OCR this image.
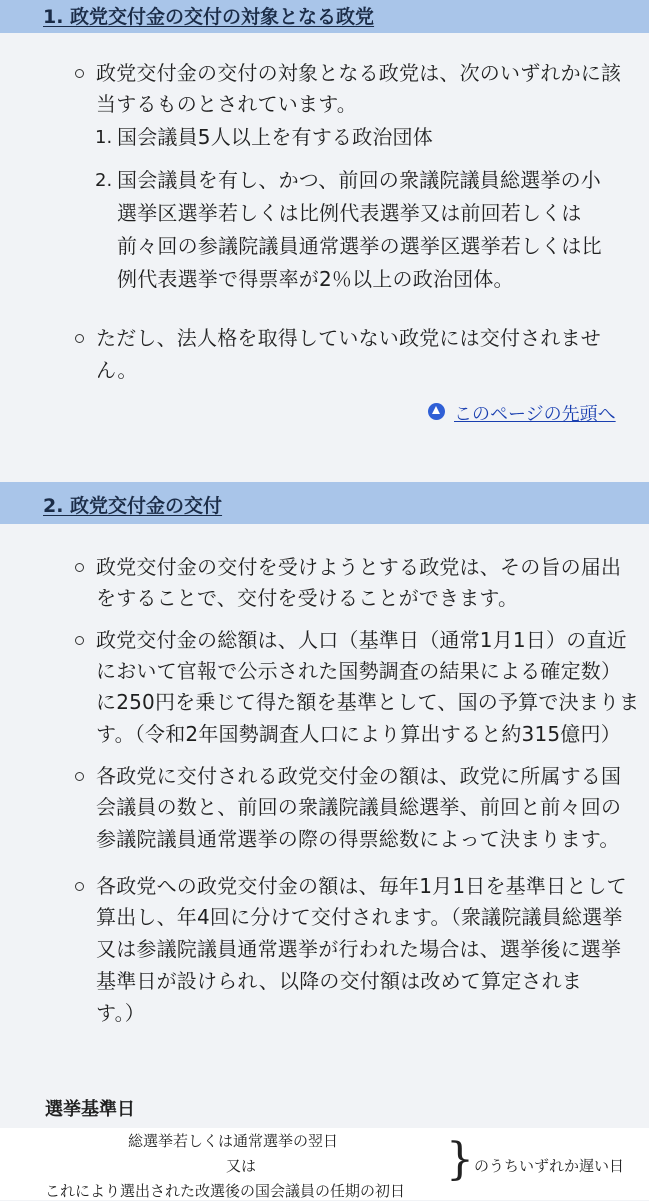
1. 政党交付金の交付の対象となる政党
政党交付金の交付の対象となる政党は、次のいずれかに該
当するものとされています。
1. 国会議員5人以上を有する政治団体
2. 国会議員を有し、かつ、前回の衆議院議員総選挙の小
選挙区選挙若しくは比例代表選挙又は前回若しくは
前々回の参議院議員通常選挙の選挙区選挙若しくは比
例代表選挙で得票率が2％以上の政治団体。
ただし、法人格を取得していない政党には交付されませ
ん。
このページの先頭へ
2. 政党交付金の交付
政党交付金の交付を受けようとする政党は、その旨の届出
をすることで、交付を受けることができます。
政党交付金の総額は、人口（基準日（通常1月1日）の直近
において官報で公示された国勢調査の結果による確定数）
に250円を乗じて得た額を基準として、国の予算で決まりま
す。（令和2年国勢調査人口により算出すると約315億円）
各政党に交付される政党交付金の額は、政党に所属する国
会議員の数と、前回の衆議院議員総選挙、前回と前々回の
参議院議員通常選挙の際の得票総数によって決まります。
各政党への政党交付金の額は、毎年1月1日を基準日として
算出し、年4回に分けて交付されます。（衆議院議員総選挙
又は参議院議員通常選挙が行われた場合は、選挙後に選挙
基準日が設けられ、以降の交付額は改めて算定されま
す。）
選挙基準日
総選挙若しくは通常選挙の翌日
又は
これにより選出された改選後の国会議員の任期の初日
} のうちいずれか遅い日
